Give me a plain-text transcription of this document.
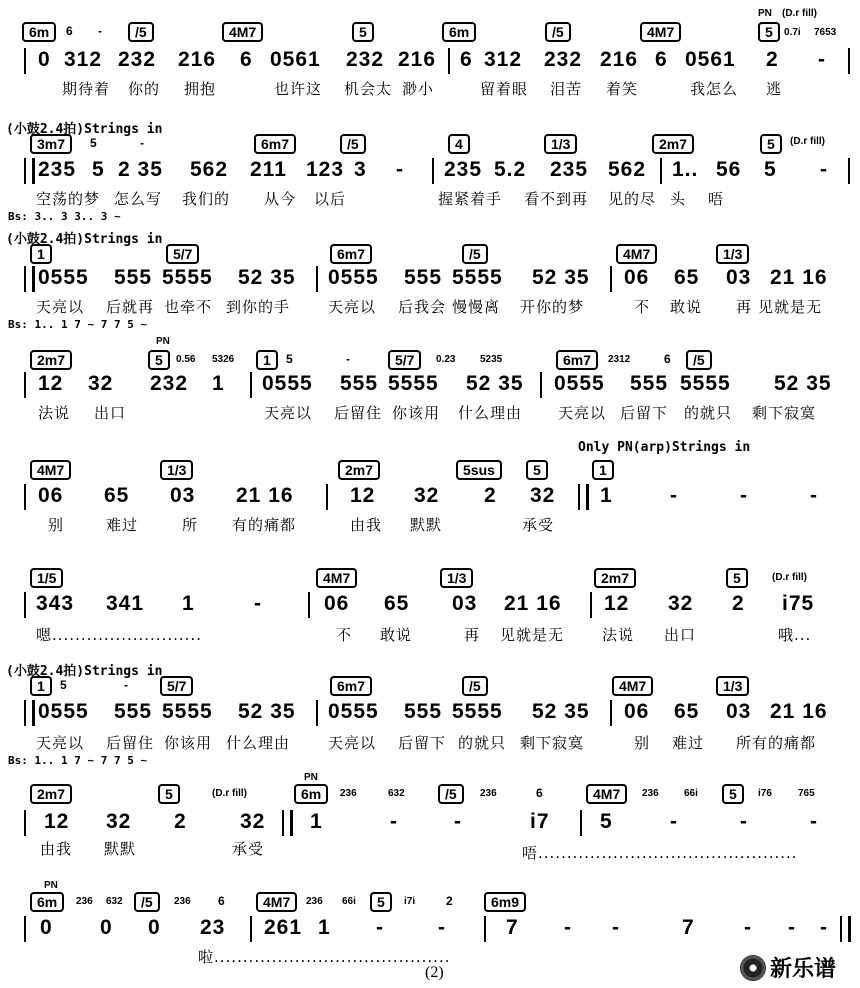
6m	6 -	/5	4M7	5	6m	/5	4M7	5
PN (D.r fill)
0.7i 7653
0 312 232 216 6 0561 232 216 6 312 232 216 6 0561 2 -
期待着 你的 拥抱	也许这 机会太 渺小	留着眼 泪苦 着笑	我怎么 逃
(小鼓2.4拍)Strings in
3m7	5	-	6m7	/5	4	1/3	2m7	5	(D.r fill)
235 5 2 35 562 211 123 3 - 235 5.2 235 562 1.. 56 5 -
空荡的梦 怎么写 我们的 从今 以后	握紧着手 看不到再 见的尽 头 唔
Bs: 3.. 3 3.. 3 ~
(小鼓2.4拍)Strings in
1	5/7	6m7	/5	4M7	1/3
0555 555 5555 52 35 0555 555 5555 52 35 06 65 03 21 16
天亮以 后就再 也牵不 到你的手	天亮以 后我会 慢慢离 开你的梦	不 敢说 再 见就是无
Bs: 1.. 1 7 ~ 7 7 5 ~
2m7
PN
5	0.56 5326	1	5	-	5/7	0.23 5235	6m7	2312	6	/5
12 32 232 1 0555 555 5555 52 35 0555 555 5555 52 35
法说 出口	天亮以 后留住 你该用 什么理由 天亮以 后留下 的就只 剩下寂寞
Only PN(arp)Strings in
4M7	1/3	2m7	5sus	5	1
06 65 03 21 16	12 32 2 32 1	-	-	-
别	难过	所 有的痛都	由我 默默	承受
1/5	4M7	1/3	2m7	5	(D.r fill)
343 341 1	-	06 65 03 21 16 12 32 2 i75
嗯..........................	不 敢说	再 见就是无	法说 出口	哦...
(小鼓2.4拍)Strings in
1	5	-	5/7	6m7	/5	4M7	1/3
0555 555 5555 52 35 0555 555 5555 52 35 06 65 03 21 16
天亮以 后留住 你该用 什么理由	天亮以 后留下 的就只 剩下寂寞	别 难过 所有的痛都
Bs: 1.. 1 7 ~ 7 7 5 ~
2m7	5	(D.r fill)
PN
6m	236	632	/5	236	6	4M7	236	66i	5	i76	765
12 32 2	32 1	-	-	i7 5	-	-	-
由我 默默	承受	唔.............................................
PN
6m	236 632	/5	236 6	4M7	236 66i	5	i7i	2	6m9
0 0 0 23 261 1 -	-	7 - -	7 - - -
啦.........................................
(2)	新乐谱
